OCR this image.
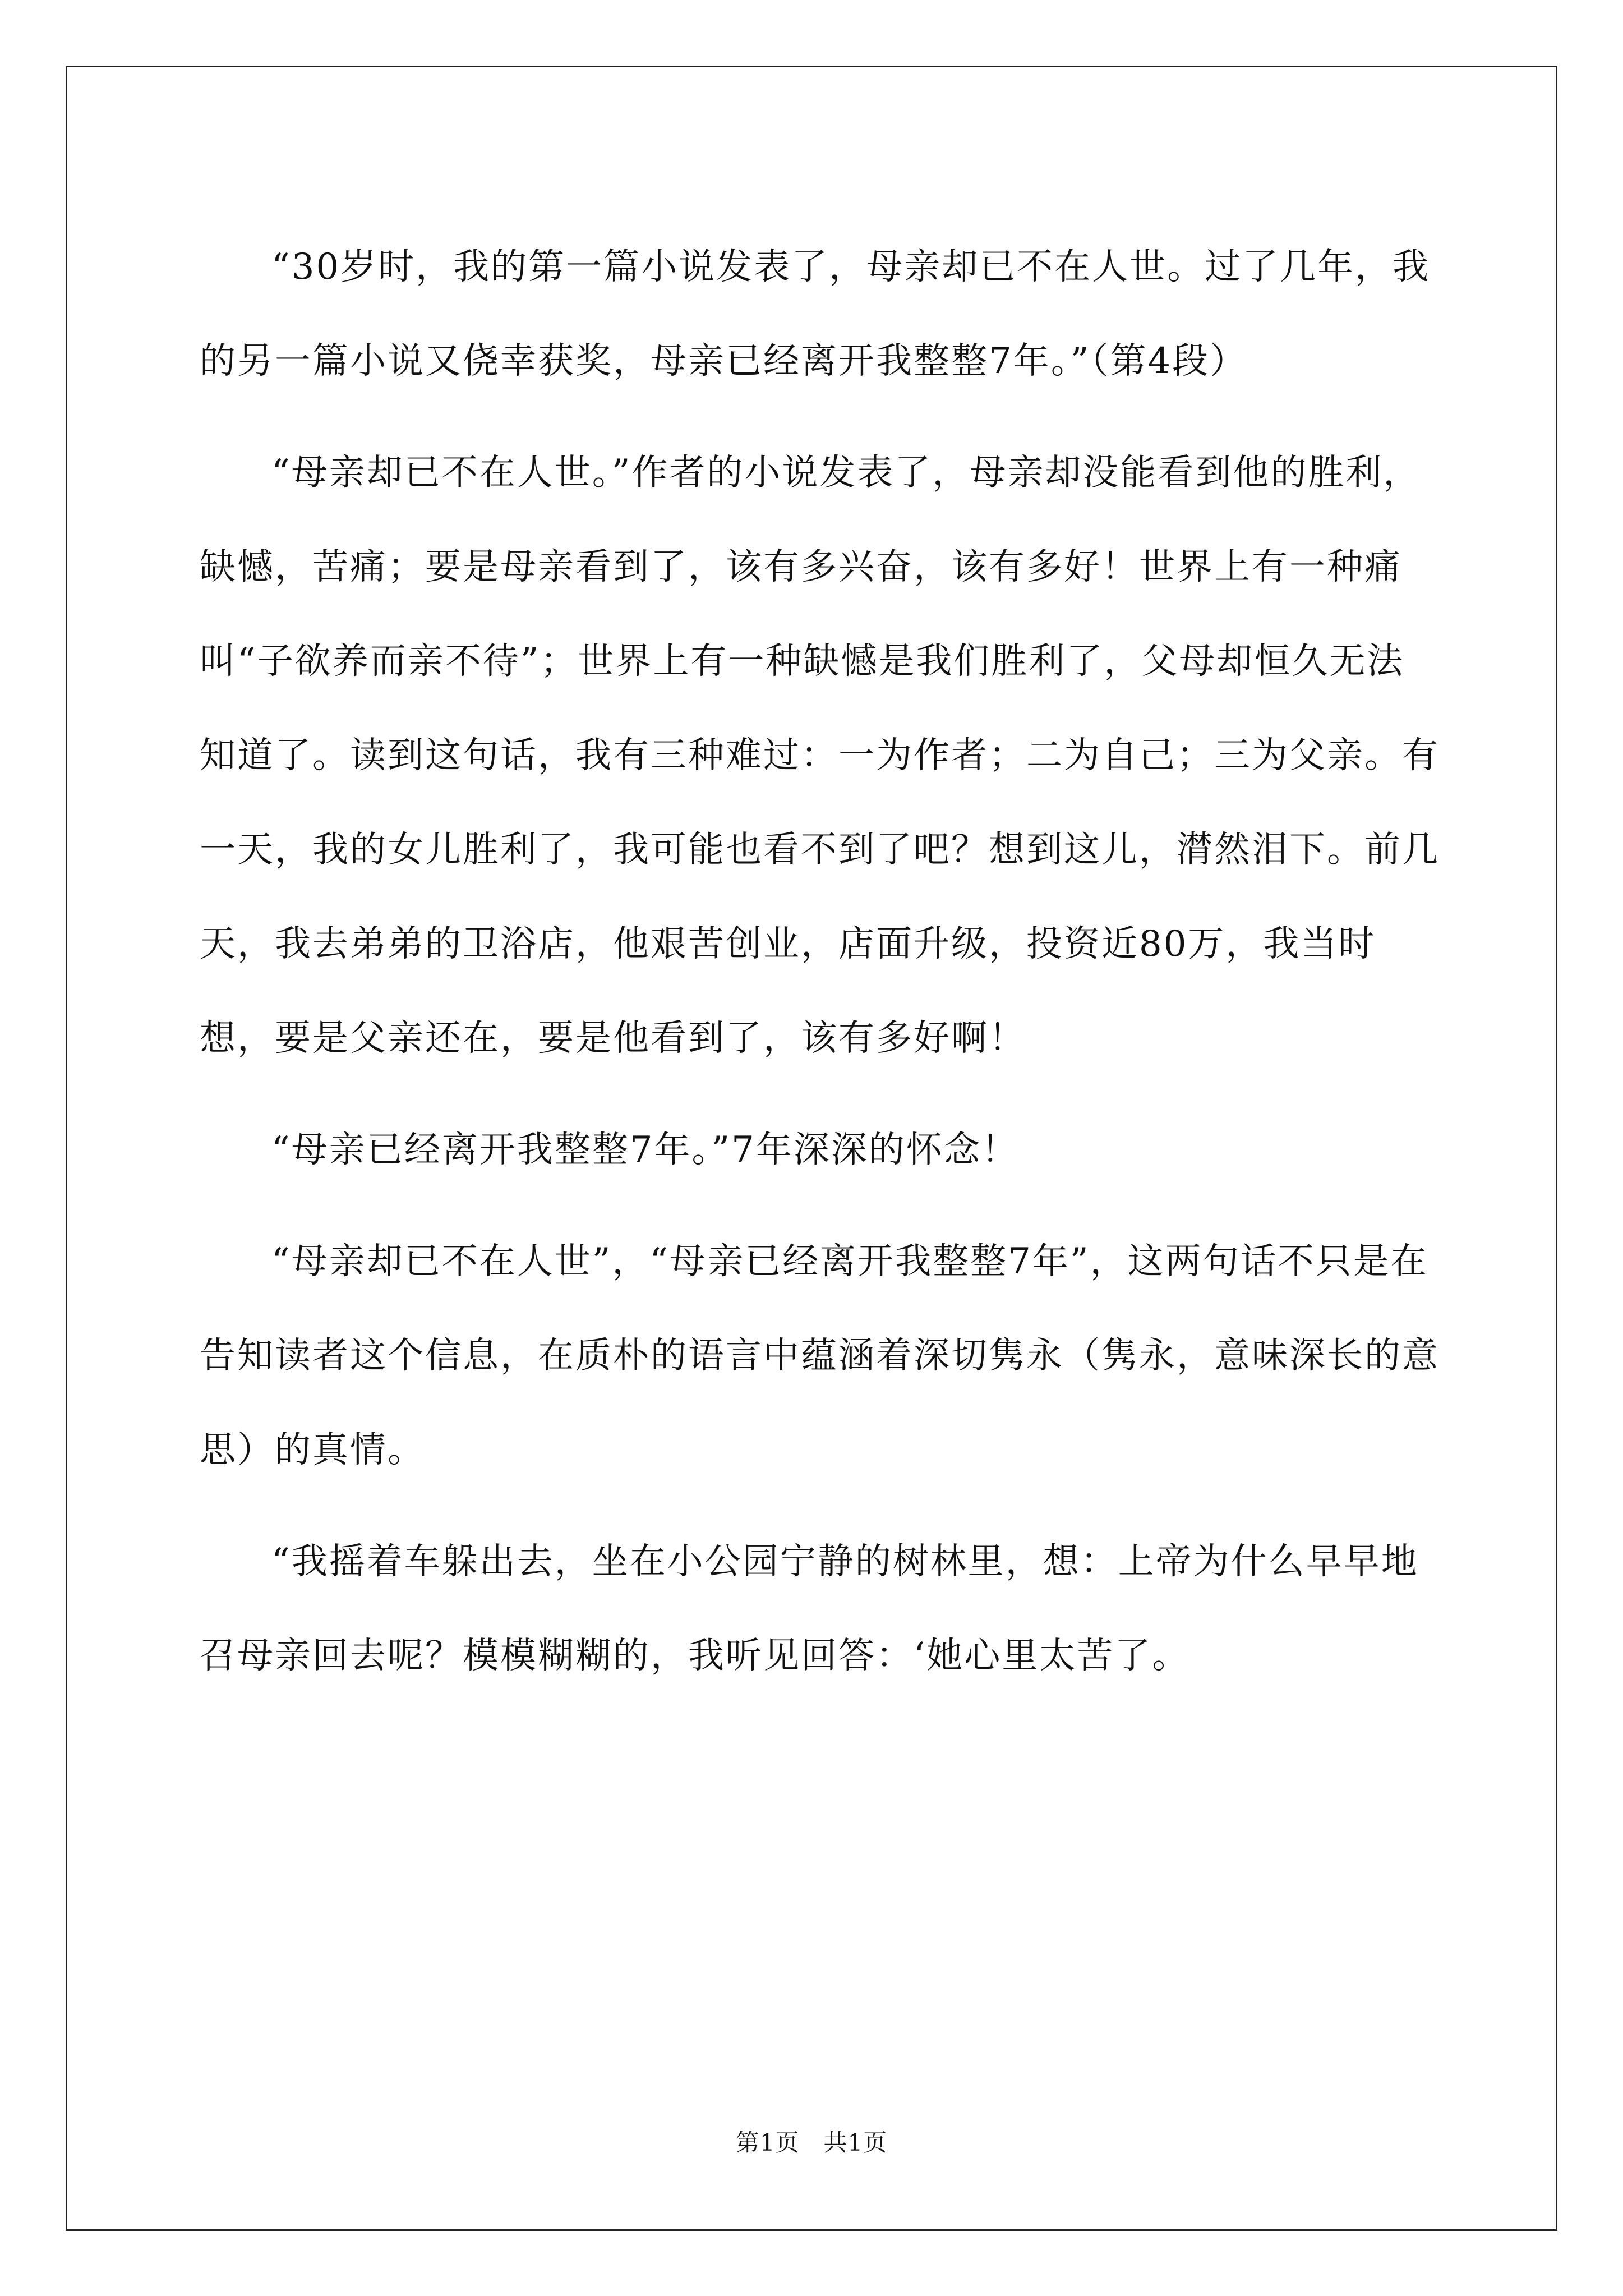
“30岁时，我的第一篇小说发表了，母亲却已不在人世。过了几年，我的另一篇小说又侥幸获奖，母亲已经离开我整整7年。”（第4段）

“母亲却已不在人世。”作者的小说发表了，母亲却没能看到他的胜利，缺憾，苦痛；要是母亲看到了，该有多兴奋，该有多好！世界上有一种痛叫“子欲养而亲不待”；世界上有一种缺憾是我们胜利了，父母却恒久无法知道了。读到这句话，我有三种难过：一为作者；二为自己；三为父亲。有一天，我的女儿胜利了，我可能也看不到了吧？想到这儿，潸然泪下。前几天，我去弟弟的卫浴店，他艰苦创业，店面升级，投资近80万，我当时想，要是父亲还在，要是他看到了，该有多好啊！

“母亲已经离开我整整7年。”7年深深的怀念！

“母亲却已不在人世”，“母亲已经离开我整整7年”，这两句话不只是在告知读者这个信息，在质朴的语言中蕴涵着深切隽永（隽永，意味深长的意思）的真情。

“我摇着车躲出去，坐在小公园宁静的树林里，想：上帝为什么早早地召母亲回去呢？模模糊糊的，我听见回答：‘她心里太苦了。

第1页　共1页
